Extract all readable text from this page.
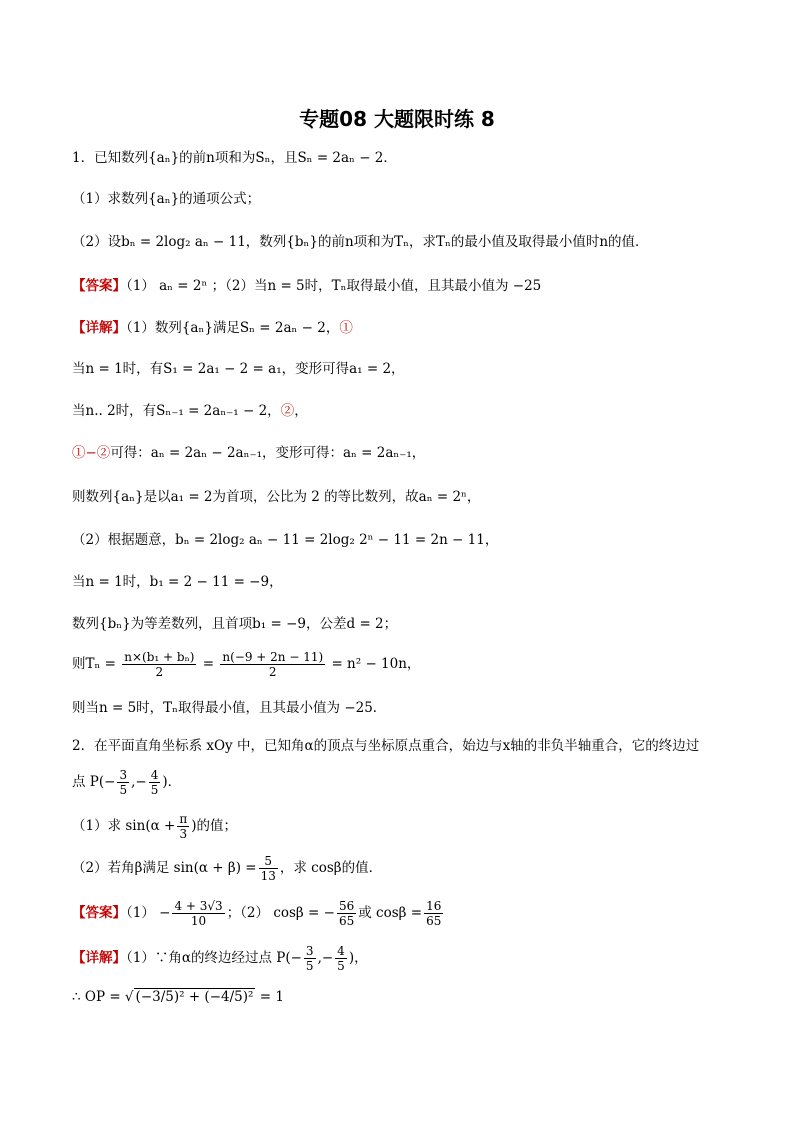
专题08 大题限时练 8
1．已知数列{aₙ}的前n项和为Sₙ，且Sₙ = 2aₙ − 2．
（1）求数列{aₙ}的通项公式；
（2）设bₙ = 2log₂ aₙ − 11，数列{bₙ}的前n项和为Tₙ，求Tₙ的最小值及取得最小值时n的值．
【答案】（1） aₙ = 2ⁿ ；（2）当n = 5时，Tₙ取得最小值，且其最小值为 −25
【详解】（1）数列{aₙ}满足Sₙ = 2aₙ − 2，①
当n = 1时，有S₁ = 2a₁ − 2 = a₁，变形可得a₁ = 2，
当n.. 2时，有Sₙ₋₁ = 2aₙ₋₁ − 2，②，
①−②可得：aₙ = 2aₙ − 2aₙ₋₁，变形可得：aₙ = 2aₙ₋₁，
则数列{aₙ}是以a₁ = 2为首项，公比为 2 的等比数列，故aₙ = 2ⁿ，
（2）根据题意，bₙ = 2log₂ aₙ − 11 = 2log₂ 2ⁿ − 11 = 2n − 11，
当n = 1时，b₁ = 2 − 11 = −9，
数列{bₙ}为等差数列，且首项b₁ = −9，公差d = 2；
则$T_n = \frac{\text{n×(b₁ + bₙ)}}{2} = \frac{n(-9 + 2n - 11)}{2} = n^2 - 10n$，
则当n = 5时，Tₙ取得最小值，且其最小值为 −25．
2．在平面直角坐标系 xOy 中，已知角α的顶点与坐标原点重合，始边与x轴的非负半轴重合，它的终边过
点 $P(- \frac{3}{5}$ ,− $\frac{4}{5}$ )．
（1）求 $\sin(\alpha + \frac{\pi}{3}$ )的值；
（2）若角β满足 $\sin(\alpha + \beta) = \frac{5}{13}$ ，求 cosβ的值．
【答案】$(1) - \frac{4 + 3√3}{10}$ ；（2） cosβ = − $\frac{56}{65}$ 或 $\cos\beta = \frac{16}{65}$
【详解】（1）∵角α的终边经过点 $P(- \frac{3}{5}$ ,− $\frac{4}{5}$ )，
∴ OP = √ (−3/5)² + (−4/5)² = 1
